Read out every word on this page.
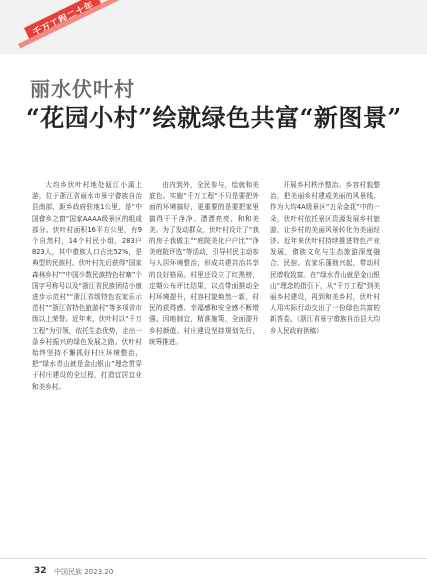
千万工程二十年
丽水伏叶村
“花园小村”绘就绿色共富“新图景”

大均乡伏叶村地处瓯江小溪上游，位于浙江省丽水市景宁畲族自治县南部，距乡政府驻地1公里，是“中国畲乡之窗”国家AAAA级景区的组成部分。伏叶村面积16平方公里，有9个自然村，14个村民小组，283户823人，其中畲族人口占比52%，是典型的民族村。伏叶村先后获得“国家森林乡村”“中国少数民族特色村寨”个国字号称号以及“浙江省民族团结小康进步示范村”“浙江省级特色农家乐示范村”“浙江省特色旅游村”等多项省市级以上荣誉。近年来，伏叶村以“千万工程”为引领，依托生态优势，走出一条乡村振兴的绿色发展之路。伏叶村始终坚持不懈抓好村庄环境整治，把“绿水青山就是金山银山”理念贯穿于村庄建设的全过程，打造宜居宜业和美乡村。

由内到外，全民参与，绘就和美底色。实施“千万工程”不只是要把外面的环境搞好，更重要的是要把家里搞得干干净净、漂漂亮亮、和和美美。为了发动群众，伏叶村设计了“我的房子我做主”“庭院美化户户比”“净美庭院评选”等活动，引导村民主动参与人居环境整治，形成共建共治共享的良好格局。村里还设立了红黑榜，定期公布评比结果，以点带面推动全村环境提升，村容村貌焕然一新，村民的获得感、幸福感和安全感不断增强。因地制宜，精准施策，全面提升乡村颜值。村庄建设坚持规划先行，统筹推进。

开展乡村秩序整治、乡容村貌整治，把美丽乡村建成美丽的风景线。作为大均4A级景区“五朵金花”中的一朵，伏叶村依托景区资源发展乡村旅游，让乡村的美丽风景转化为美丽经济。近年来伏叶村持续推进特色产业发展，畲族文化与生态旅游深度融合，民宿、农家乐蓬勃兴起，带动村民增收致富。在“绿水青山就是金山银山”理念的指引下，从“千万工程”到美丽乡村建设，再到和美乡村，伏叶村人用实际行动交出了一份绿色共富的新答卷。（浙江省景宁畲族自治县大均乡人民政府供稿）

32 中国民族 2023.20
